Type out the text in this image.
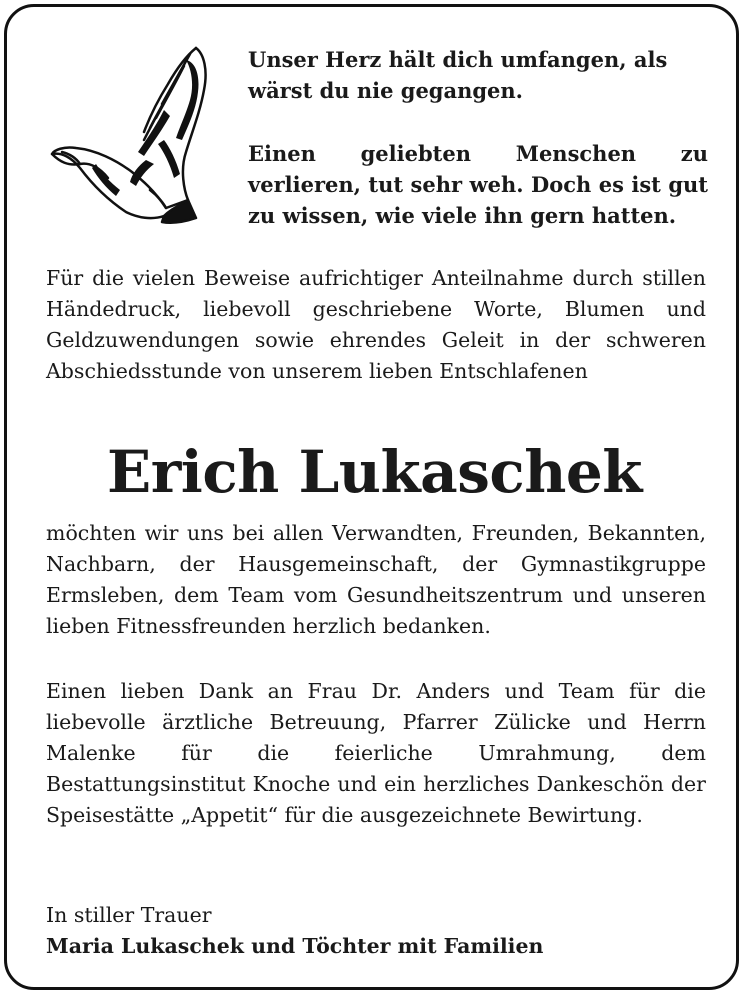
Unser Herz hält dich umfangen, als wärst du nie gegangen.

Einen geliebten Menschen zu verlieren, tut sehr weh. Doch es ist gut zu wissen, wie viele ihn gern hatten.

Für die vielen Beweise aufrichtiger Anteilnahme durch stillen Händedruck, liebevoll geschriebene Worte, Blumen und Geldzuwendungen sowie ehrendes Geleit in der schweren Abschiedsstunde von unserem lieben Entschlafenen

Erich Lukaschek

möchten wir uns bei allen Verwandten, Freunden, Bekannten, Nachbarn, der Hausgemeinschaft, der Gymnastikgruppe Ermsleben, dem Team vom Gesundheitszentrum und unseren lieben Fitnessfreunden herzlich bedanken.

Einen lieben Dank an Frau Dr. Anders und Team für die liebevolle ärztliche Betreuung, Pfarrer Zülicke und Herrn Malenke für die feierliche Umrahmung, dem Bestattungsinstitut Knoche und ein herzliches Dankeschön der Speisestätte „Appetit“ für die ausgezeichnete Bewirtung.

In stiller Trauer
Maria Lukaschek und Töchter mit Familien
